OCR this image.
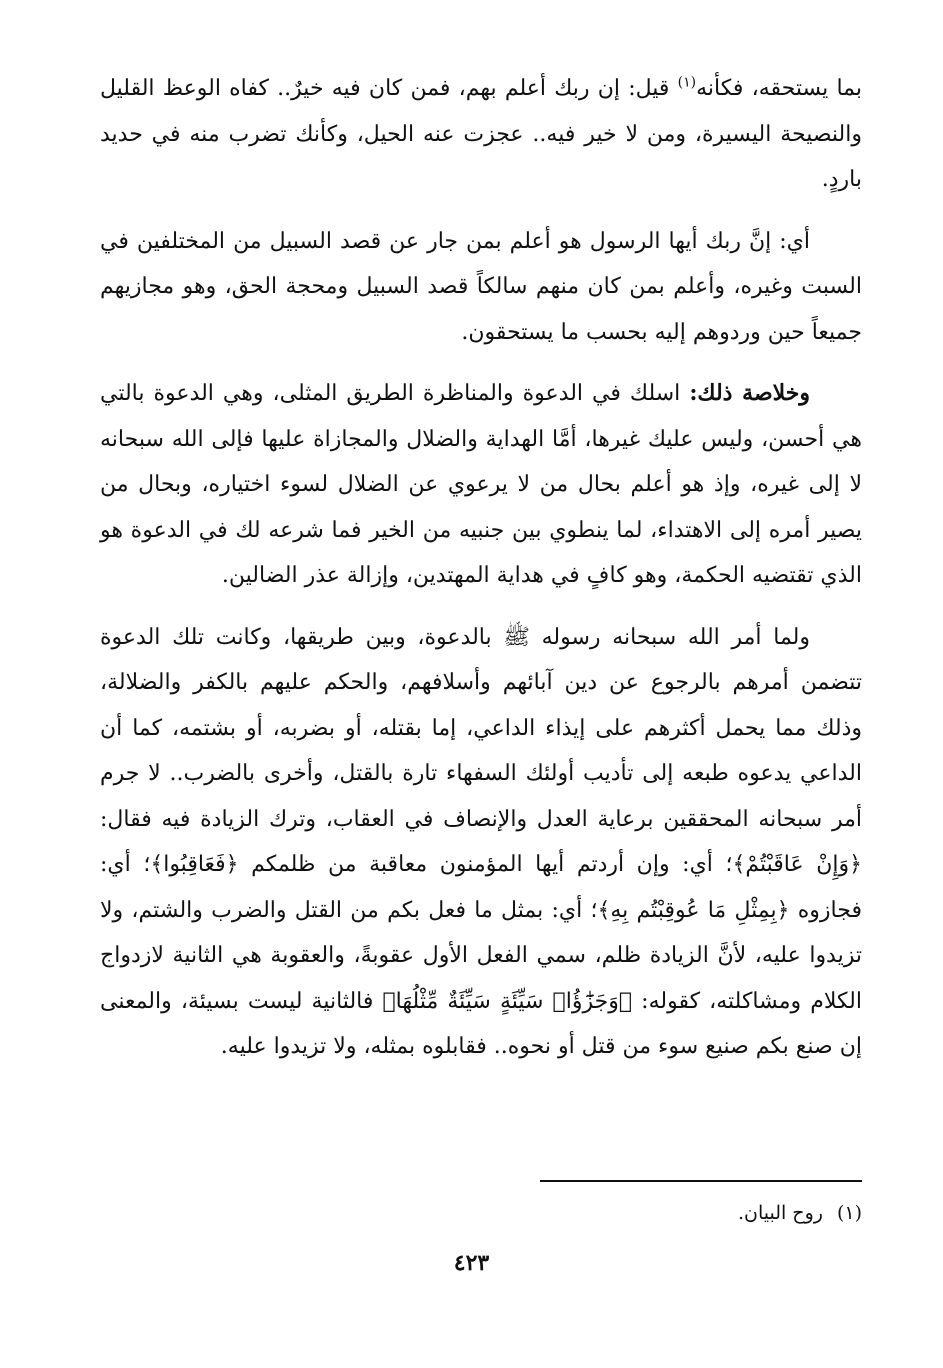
بما يستحقه، فكأنه$^{(١)}$ قيل: إن ربك أعلم بهم، فمن كان فيه خيرٌ.. كفاه الوعظ القليل والنصيحة اليسيرة، ومن لا خير فيه.. عجزت عنه الحيل، وكأنك تضرب منه في حديد باردٍ.

أي: إنَّ ربك أيها الرسول هو أعلم بمن جار عن قصد السبيل من المختلفين في السبت وغيره، وأعلم بمن كان منهم سالكاً قصد السبيل ومحجة الحق، وهو مجازيهم جميعاً حين وردوهم إليه بحسب ما يستحقون.

وخلاصة ذلك: اسلك في الدعوة والمناظرة الطريق المثلى، وهي الدعوة بالتي هي أحسن، وليس عليك غيرها، أمَّا الهداية والضلال والمجازاة عليها فإلى الله سبحانه لا إلى غيره، وإذ هو أعلم بحال من لا يرعوي عن الضلال لسوء اختياره، وبحال من يصير أمره إلى الاهتداء، لما ينطوي بين جنبيه من الخير فما شرعه لك في الدعوة هو الذي تقتضيه الحكمة، وهو كافٍ في هداية المهتدين، وإزالة عذر الضالين.

ولما أمر الله سبحانه رسوله ﷺ بالدعوة، وبين طريقها، وكانت تلك الدعوة تتضمن أمرهم بالرجوع عن دين آبائهم وأسلافهم، والحكم عليهم بالكفر والضلالة، وذلك مما يحمل أكثرهم على إيذاء الداعي، إما بقتله، أو بضربه، أو بشتمه، كما أن الداعي يدعوه طبعه إلى تأديب أولئك السفهاء تارة بالقتل، وأخرى بالضرب.. لا جرم أمر سبحانه المحققين برعاية العدل والإنصاف في العقاب، وترك الزيادة فيه فقال: ﴿وَإِنْ عَاقَبْتُمْ﴾؛ أي: وإن أردتم أيها المؤمنون معاقبة من ظلمكم ﴿فَعَاقِبُوا﴾؛ أي: فجازوه ﴿بِمِثْلِ مَا عُوقِبْتُم بِهِ﴾؛ أي: بمثل ما فعل بكم من القتل والضرب والشتم، ولا تزيدوا عليه، لأنَّ الزيادة ظلم، سمي الفعل الأول عقوبةً، والعقوبة هي الثانية لازدواج الكلام ومشاكلته، كقوله: ﴿وَجَزَٰٓؤُا۟ سَيِّئَةٍ سَيِّئَةٌ مِّثْلُهَا﴾ فالثانية ليست بسيئة، والمعنى إن صنع بكم صنيع سوء من قتل أو نحوه.. فقابلوه بمثله، ولا تزيدوا عليه.

(١)روح البيان.
٤٢٣
